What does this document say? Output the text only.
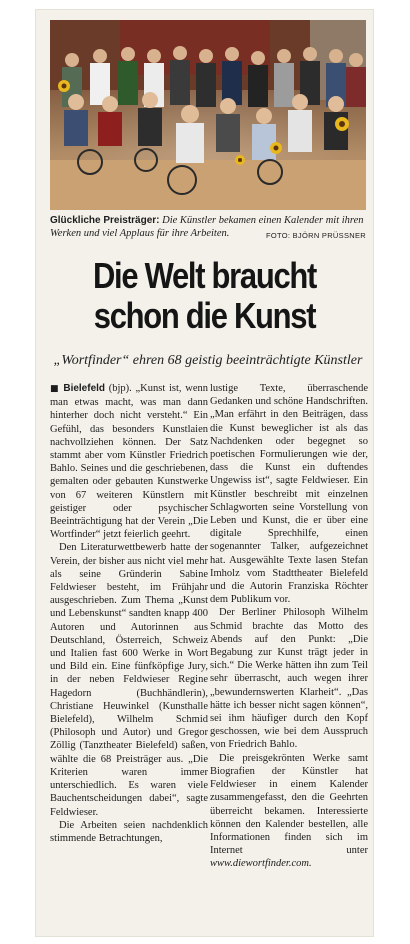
Glückliche Preisträger: Die Künstler bekamen einen Kalender mit ihren Werken und viel Applaus für ihre Arbeiten.	FOTO: BJÖRN PRÜSSNER
Die Welt braucht
schon die Kunst
„Wortfinder“ ehren 68 geistig beeinträchtigte Künstler

■ Bielefeld (bjp). „Kunst ist, wenn man etwas macht, was man dann hinterher doch nicht versteht.“ Ein Gefühl, das besonders Kunstlaien nachvollziehen können. Der Satz stammt aber vom Künstler Friedrich Bahlo. Seines und die geschriebenen, gemalten oder gebauten Kunstwerke von 67 weiteren Künstlern mit geistiger oder psychischer Beeinträchtigung hat der Verein „Die Wortfinder“ jetzt feierlich geehrt.

Den Literaturwettbewerb hatte der Verein, der bisher aus nicht viel mehr als seine Gründerin Sabine Feldwieser besteht, im Frühjahr ausgeschrieben. Zum Thema „Kunst und Lebenskunst“ sandten knapp 400 Autoren und Autorinnen aus Deutschland, Österreich, Schweiz und Italien fast 600 Werke in Wort und Bild ein. Eine fünfköpfige Jury, in der neben Feldwieser Regine Hagedorn (Buchhändlerin), Christiane Heuwinkel (Kunsthalle Bielefeld), Wilhelm Schmid (Philosoph und Autor) und Gregor Zöllig (Tanztheater Bielefeld) saßen, wählte die 68 Preisträger aus. „Die Kriterien waren immer unterschiedlich. Es waren viele Bauchentscheidungen dabei“, sagte Feldwieser.

Die Arbeiten seien nachdenklich stimmende Betrachtungen,

lustige Texte, überraschende Gedanken und schöne Handschriften. „Man erfährt in den Beiträgen, dass die Kunst beweglicher ist als das Nachdenken oder begegnet so poetischen Formulierungen wie der, dass die Kunst ein duftendes Ungewiss ist“, sagte Feldwieser. Ein Künstler beschreibt mit einzelnen Schlagworten seine Vorstellung von Leben und Kunst, die er über eine digitale Sprechhilfe, einen sogenannter Talker, aufgezeichnet hat. Ausgewählte Texte lasen Stefan Imholz vom Stadttheater Bielefeld und die Autorin Franziska Röchter dem Publikum vor.

Der Berliner Philosoph Wilhelm Schmid brachte das Motto des Abends auf den Punkt: „Die Begabung zur Kunst trägt jeder in sich.“ Die Werke hätten ihn zum Teil sehr überrascht, auch wegen ihrer „bewundernswerten Klarheit“. „Das hätte ich besser nicht sagen können“, sei ihm häufiger durch den Kopf geschossen, wie bei dem Ausspruch von Friedrich Bahlo.

Die preisgekrönten Werke samt Biografien der Künstler hat Feldwieser in einem Kalender zusammengefasst, den die Geehrten überreicht bekamen. Interessierte können den Kalender bestellen, alle Informationen finden sich im Internet unter www.diewortfinder.com.
